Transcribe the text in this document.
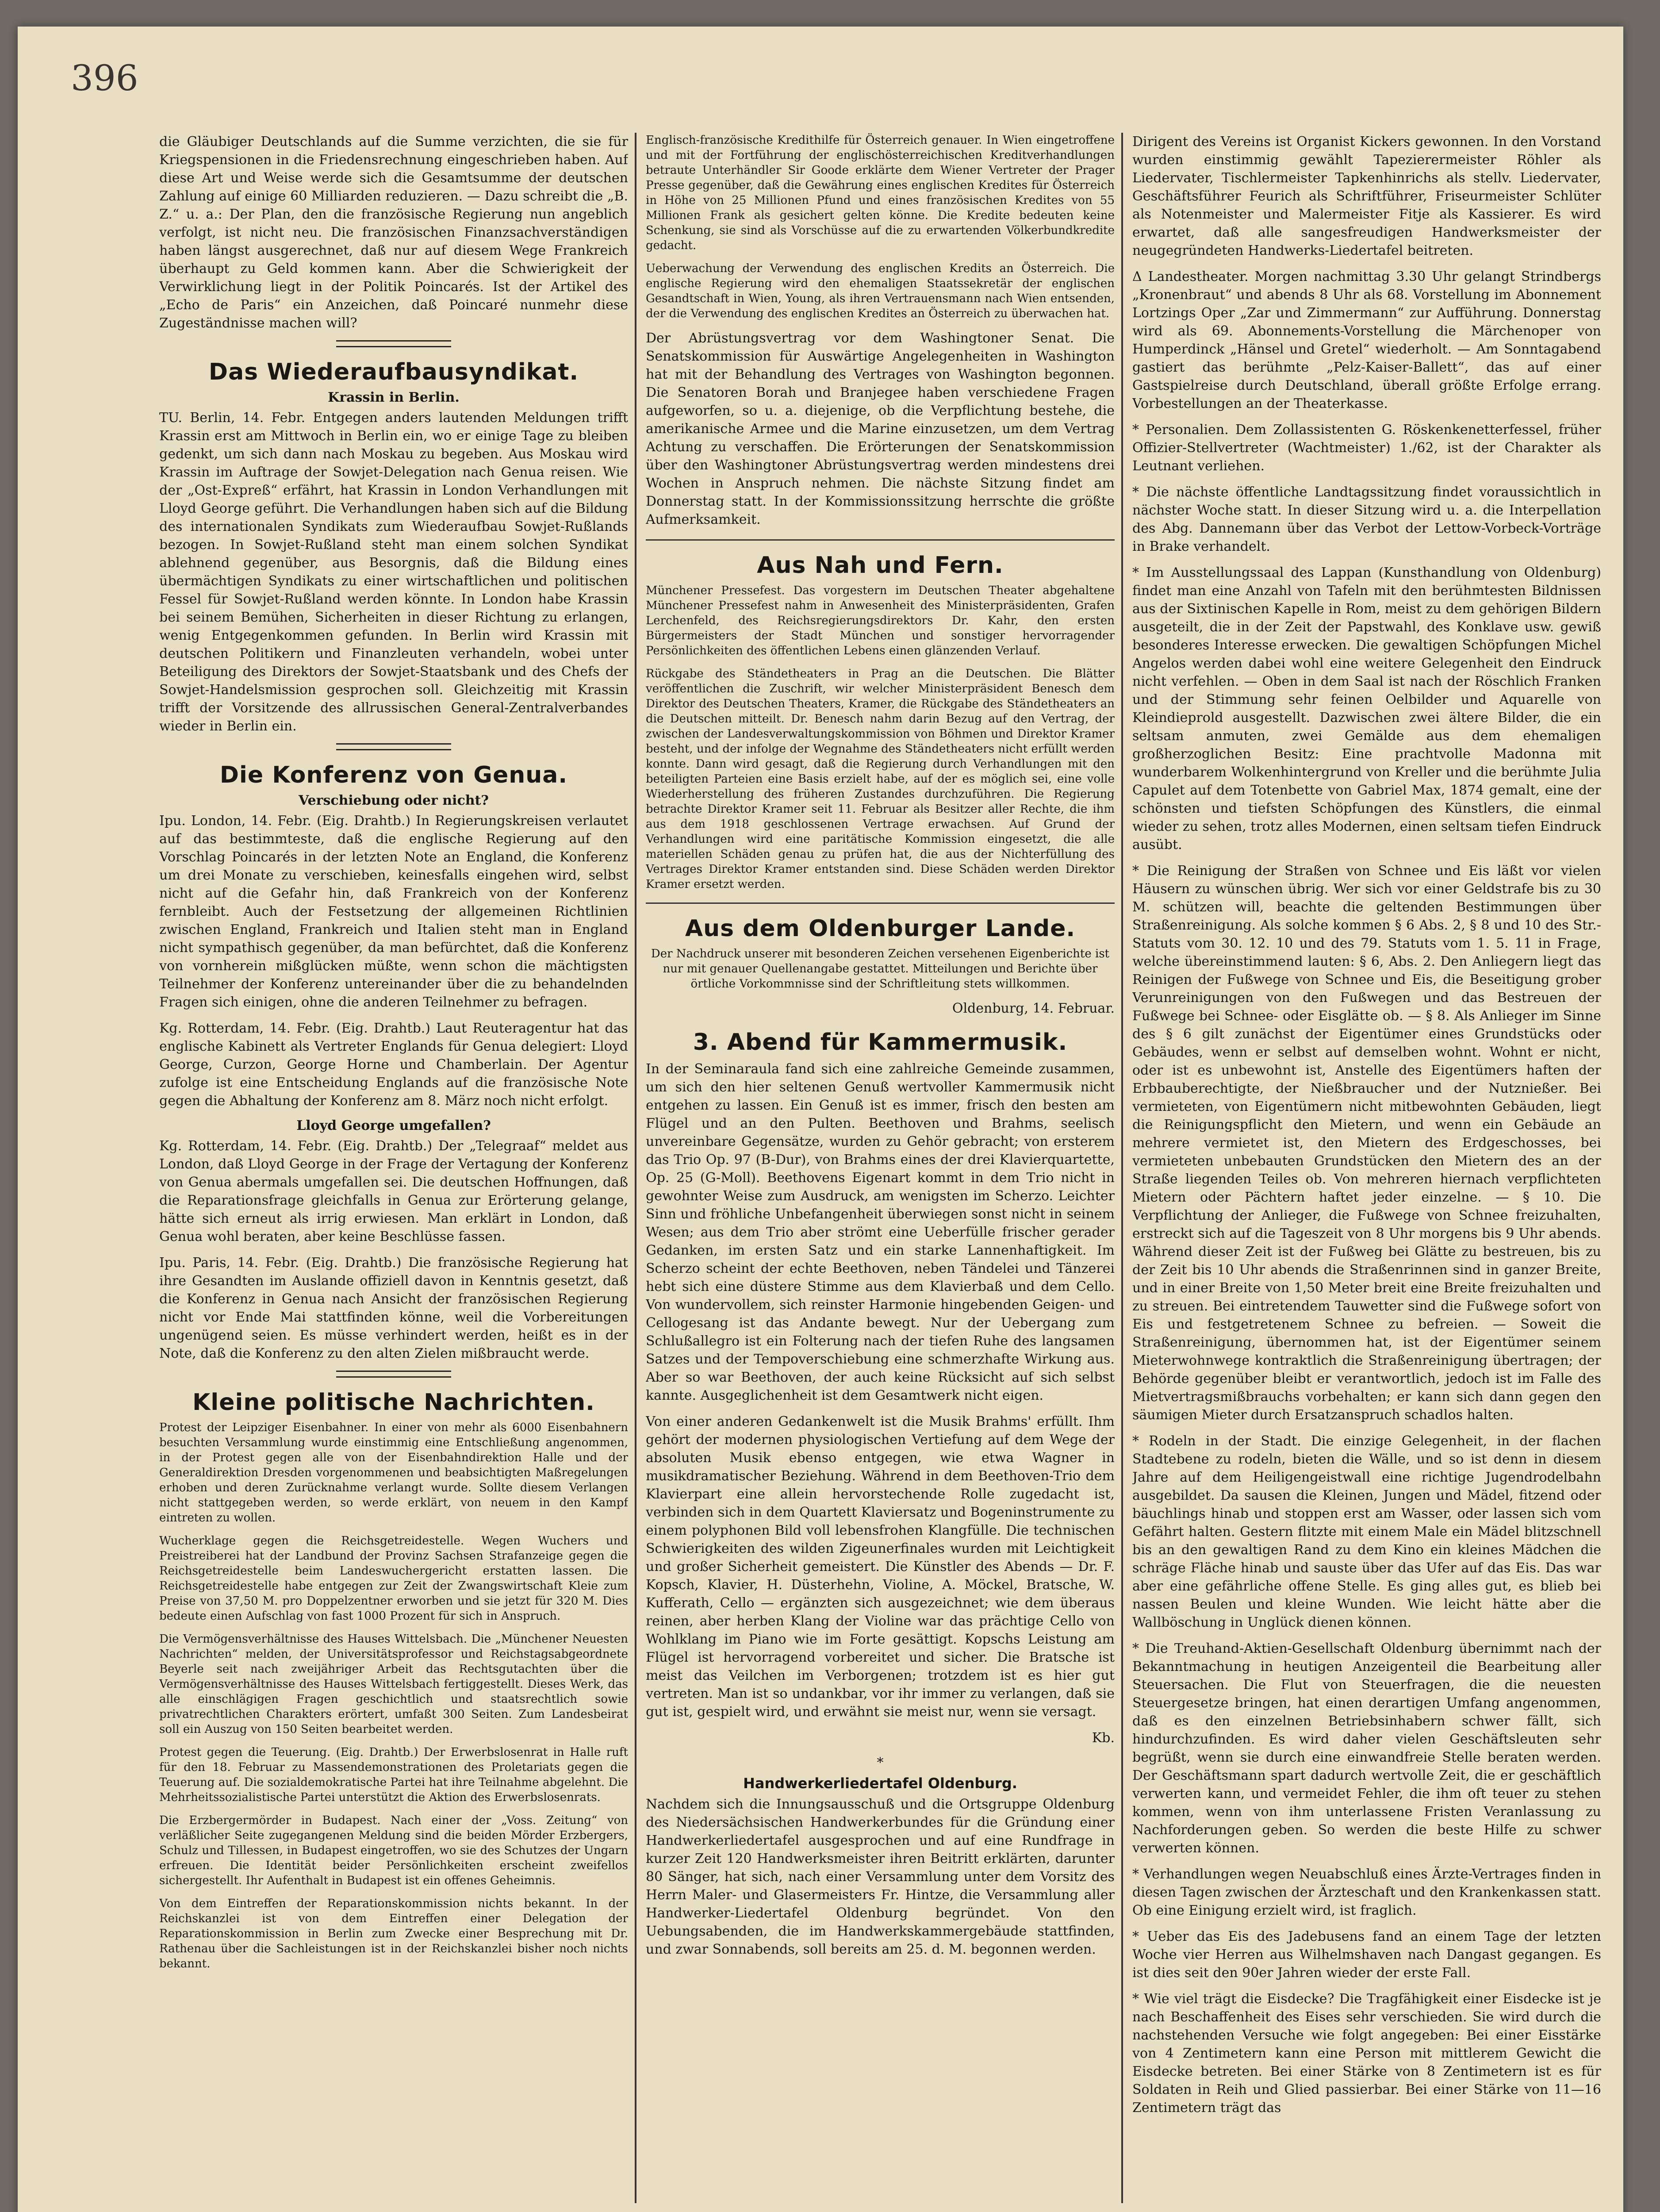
396

die Gläubiger Deutschlands auf die Summe verzichten, die sie für Kriegspensionen in die Friedensrechnung eingeschrieben haben. Auf diese Art und Weise werde sich die Gesamtsumme der deutschen Zahlung auf einige 60 Milliarden reduzieren. — Dazu schreibt die „B. Z.“ u. a.: Der Plan, den die französische Regierung nun angeblich verfolgt, ist nicht neu. Die französischen Finanzsachverständigen haben längst ausgerechnet, daß nur auf diesem Wege Frankreich überhaupt zu Geld kommen kann. Aber die Schwierigkeit der Verwirklichung liegt in der Politik Poincarés. Ist der Artikel des „Echo de Paris“ ein Anzeichen, daß Poincaré nunmehr diese Zugeständnisse machen will?

Das Wiederaufbausyndikat.
Krassin in Berlin.

TU. Berlin, 14. Febr. Entgegen anders lautenden Meldungen trifft Krassin erst am Mittwoch in Berlin ein, wo er einige Tage zu bleiben gedenkt, um sich dann nach Moskau zu begeben. Aus Moskau wird Krassin im Auftrage der Sowjet-Delegation nach Genua reisen. Wie der „Ost-Expreß“ erfährt, hat Krassin in London Verhandlungen mit Lloyd George geführt. Die Verhandlungen haben sich auf die Bildung des internationalen Syndikats zum Wiederaufbau Sowjet-Rußlands bezogen. In Sowjet-Rußland steht man einem solchen Syndikat ablehnend gegenüber, aus Besorgnis, daß die Bildung eines übermächtigen Syndikats zu einer wirtschaftlichen und politischen Fessel für Sowjet-Rußland werden könnte. In London habe Krassin bei seinem Bemühen, Sicherheiten in dieser Richtung zu erlangen, wenig Entgegenkommen gefunden. In Berlin wird Krassin mit deutschen Politikern und Finanzleuten verhandeln, wobei unter Beteiligung des Direktors der Sowjet-Staatsbank und des Chefs der Sowjet-Handelsmission gesprochen soll. Gleichzeitig mit Krassin trifft der Vorsitzende des allrussischen General-Zentralverbandes wieder in Berlin ein.

Die Konferenz von Genua.
Verschiebung oder nicht?

Ipu. London, 14. Febr. (Eig. Drahtb.) In Regierungskreisen verlautet auf das bestimmteste, daß die englische Regierung auf den Vorschlag Poincarés in der letzten Note an England, die Konferenz um drei Monate zu verschieben, keinesfalls eingehen wird, selbst nicht auf die Gefahr hin, daß Frankreich von der Konferenz fernbleibt. Auch der Festsetzung der allgemeinen Richtlinien zwischen England, Frankreich und Italien steht man in England nicht sympathisch gegenüber, da man befürchtet, daß die Konferenz von vornherein mißglücken müßte, wenn schon die mächtigsten Teilnehmer der Konferenz untereinander über die zu behandelnden Fragen sich einigen, ohne die anderen Teilnehmer zu befragen.

Kg. Rotterdam, 14. Febr. (Eig. Drahtb.) Laut Reuteragentur hat das englische Kabinett als Vertreter Englands für Genua delegiert: Lloyd George, Curzon, George Horne und Chamberlain. Der Agentur zufolge ist eine Entscheidung Englands auf die französische Note gegen die Abhaltung der Konferenz am 8. März noch nicht erfolgt.

Lloyd George umgefallen?

Kg. Rotterdam, 14. Febr. (Eig. Drahtb.) Der „Telegraaf“ meldet aus London, daß Lloyd George in der Frage der Vertagung der Konferenz von Genua abermals umgefallen sei. Die deutschen Hoffnungen, daß die Reparationsfrage gleichfalls in Genua zur Erörterung gelange, hätte sich erneut als irrig erwiesen. Man erklärt in London, daß Genua wohl beraten, aber keine Beschlüsse fassen.

Ipu. Paris, 14. Febr. (Eig. Drahtb.) Die französische Regierung hat ihre Gesandten im Auslande offiziell davon in Kenntnis gesetzt, daß die Konferenz in Genua nach Ansicht der französischen Regierung nicht vor Ende Mai stattfinden könne, weil die Vorbereitungen ungenügend seien. Es müsse verhindert werden, heißt es in der Note, daß die Konferenz zu den alten Zielen mißbraucht werde.

Kleine politische Nachrichten.

Protest der Leipziger Eisenbahner. In einer von mehr als 6000 Eisenbahnern besuchten Versammlung wurde einstimmig eine Entschließung angenommen, in der Protest gegen alle von der Eisenbahndirektion Halle und der Generaldirektion Dresden vorgenommenen und beabsichtigten Maßregelungen erhoben und deren Zurücknahme verlangt wurde. Sollte diesem Verlangen nicht stattgegeben werden, so werde erklärt, von neuem in den Kampf eintreten zu wollen.

Wucherklage gegen die Reichsgetreidestelle. Wegen Wuchers und Preistreiberei hat der Landbund der Provinz Sachsen Strafanzeige gegen die Reichsgetreidestelle beim Landeswuchergericht erstatten lassen. Die Reichsgetreidestelle habe entgegen zur Zeit der Zwangswirtschaft Kleie zum Preise von 37,50 M. pro Doppelzentner erworben und sie jetzt für 320 M. Dies bedeute einen Aufschlag von fast 1000 Prozent für sich in Anspruch.

Die Vermögensverhältnisse des Hauses Wittelsbach. Die „Münchener Neuesten Nachrichten“ melden, der Universitätsprofessor und Reichstagsabgeordnete Beyerle seit nach zweijähriger Arbeit das Rechtsgutachten über die Vermögensverhältnisse des Hauses Wittelsbach fertiggestellt. Dieses Werk, das alle einschlägigen Fragen geschichtlich und staatsrechtlich sowie privatrechtlichen Charakters erörtert, umfaßt 300 Seiten. Zum Landesbeirat soll ein Auszug von 150 Seiten bearbeitet werden.

Protest gegen die Teuerung. (Eig. Drahtb.) Der Erwerbslosenrat in Halle ruft für den 18. Februar zu Massendemonstrationen des Proletariats gegen die Teuerung auf. Die sozialdemokratische Partei hat ihre Teilnahme abgelehnt. Die Mehrheitssozialistische Partei unterstützt die Aktion des Erwerbslosenrats.

Die Erzbergermörder in Budapest. Nach einer der „Voss. Zeitung“ von verläßlicher Seite zugegangenen Meldung sind die beiden Mörder Erzbergers, Schulz und Tillessen, in Budapest eingetroffen, wo sie des Schutzes der Ungarn erfreuen. Die Identität beider Persönlichkeiten erscheint zweifellos sichergestellt. Ihr Aufenthalt in Budapest ist ein offenes Geheimnis.

Von dem Eintreffen der Reparationskommission nichts bekannt. In der Reichskanzlei ist von dem Eintreffen einer Delegation der Reparationskommission in Berlin zum Zwecke einer Besprechung mit Dr. Rathenau über die Sachleistungen ist in der Reichskanzlei bisher noch nichts bekannt.

Englisch-französische Kredithilfe für Österreich genauer. In Wien eingetroffene und mit der Fortführung der englischösterreichischen Kreditverhandlungen betraute Unterhändler Sir Goode erklärte dem Wiener Vertreter der Prager Presse gegenüber, daß die Gewährung eines englischen Kredites für Österreich in Höhe von 25 Millionen Pfund und eines französischen Kredites von 55 Millionen Frank als gesichert gelten könne. Die Kredite bedeuten keine Schenkung, sie sind als Vorschüsse auf die zu erwartenden Völkerbundkredite gedacht.

Ueberwachung der Verwendung des englischen Kredits an Österreich. Die englische Regierung wird den ehemaligen Staatssekretär der englischen Gesandtschaft in Wien, Young, als ihren Vertrauensmann nach Wien entsenden, der die Verwendung des englischen Kredites an Österreich zu überwachen hat.

Der Abrüstungsvertrag vor dem Washingtoner Senat. Die Senatskommission für Auswärtige Angelegenheiten in Washington hat mit der Behandlung des Vertrages von Washington begonnen. Die Senatoren Borah und Branjegee haben verschiedene Fragen aufgeworfen, so u. a. diejenige, ob die Verpflichtung bestehe, die amerikanische Armee und die Marine einzusetzen, um dem Vertrag Achtung zu verschaffen. Die Erörterungen der Senatskommission über den Washingtoner Abrüstungsvertrag werden mindestens drei Wochen in Anspruch nehmen. Die nächste Sitzung findet am Donnerstag statt. In der Kommissionssitzung herrschte die größte Aufmerksamkeit.

Aus Nah und Fern.

Münchener Pressefest. Das vorgestern im Deutschen Theater abgehaltene Münchener Pressefest nahm in Anwesenheit des Ministerpräsidenten, Grafen Lerchenfeld, des Reichsregierungsdirektors Dr. Kahr, den ersten Bürgermeisters der Stadt München und sonstiger hervorragender Persönlichkeiten des öffentlichen Lebens einen glänzenden Verlauf.

Rückgabe des Ständetheaters in Prag an die Deutschen. Die Blätter veröffentlichen die Zuschrift, wir welcher Ministerpräsident Benesch dem Direktor des Deutschen Theaters, Kramer, die Rückgabe des Ständetheaters an die Deutschen mitteilt. Dr. Benesch nahm darin Bezug auf den Vertrag, der zwischen der Landesverwaltungskommission von Böhmen und Direktor Kramer besteht, und der infolge der Wegnahme des Ständetheaters nicht erfüllt werden konnte. Dann wird gesagt, daß die Regierung durch Verhandlungen mit den beteiligten Parteien eine Basis erzielt habe, auf der es möglich sei, eine volle Wiederherstellung des früheren Zustandes durchzuführen. Die Regierung betrachte Direktor Kramer seit 11. Februar als Besitzer aller Rechte, die ihm aus dem 1918 geschlossenen Vertrage erwachsen. Auf Grund der Verhandlungen wird eine paritätische Kommission eingesetzt, die alle materiellen Schäden genau zu prüfen hat, die aus der Nichterfüllung des Vertrages Direktor Kramer entstanden sind. Diese Schäden werden Direktor Kramer ersetzt werden.

Aus dem Oldenburger Lande.

Der Nachdruck unserer mit besonderen Zeichen versehenen Eigenberichte ist nur mit genauer Quellenangabe gestattet. Mitteilungen und Berichte über örtliche Vorkommnisse sind der Schriftleitung stets willkommen.

Oldenburg, 14. Februar.

3. Abend für Kammermusik.

In der Seminaraula fand sich eine zahlreiche Gemeinde zusammen, um sich den hier seltenen Genuß wertvoller Kammermusik nicht entgehen zu lassen. Ein Genuß ist es immer, frisch den besten am Flügel und an den Pulten. Beethoven und Brahms, seelisch unvereinbare Gegensätze, wurden zu Gehör gebracht; von ersterem das Trio Op. 97 (B-Dur), von Brahms eines der drei Klavierquartette, Op. 25 (G-Moll). Beethovens Eigenart kommt in dem Trio nicht in gewohnter Weise zum Ausdruck, am wenigsten im Scherzo. Leichter Sinn und fröhliche Unbefangenheit überwiegen sonst nicht in seinem Wesen; aus dem Trio aber strömt eine Ueberfülle frischer gerader Gedanken, im ersten Satz und ein starke Lannenhaftigkeit. Im Scherzo scheint der echte Beethoven, neben Tändelei und Tänzerei hebt sich eine düstere Stimme aus dem Klavierbaß und dem Cello. Von wundervollem, sich reinster Harmonie hingebenden Geigen- und Cellogesang ist das Andante bewegt. Nur der Uebergang zum Schlußallegro ist ein Folterung nach der tiefen Ruhe des langsamen Satzes und der Tempoverschiebung eine schmerzhafte Wirkung aus. Aber so war Beethoven, der auch keine Rücksicht auf sich selbst kannte. Ausgeglichenheit ist dem Gesamtwerk nicht eigen.

Von einer anderen Gedankenwelt ist die Musik Brahms' erfüllt. Ihm gehört der modernen physiologischen Vertiefung auf dem Wege der absoluten Musik ebenso entgegen, wie etwa Wagner in musikdramatischer Beziehung. Während in dem Beethoven-Trio dem Klavierpart eine allein hervorstechende Rolle zugedacht ist, verbinden sich in dem Quartett Klaviersatz und Bogeninstrumente zu einem polyphonen Bild voll lebensfrohen Klangfülle. Die technischen Schwierigkeiten des wilden Zigeunerfinales wurden mit Leichtigkeit und großer Sicherheit gemeistert. Die Künstler des Abends — Dr. F. Kopsch, Klavier, H. Düsterhehn, Violine, A. Möckel, Bratsche, W. Kufferath, Cello — ergänzten sich ausgezeichnet; wie dem überaus reinen, aber herben Klang der Violine war das prächtige Cello von Wohlklang im Piano wie im Forte gesättigt. Kopschs Leistung am Flügel ist hervorragend vorbereitet und sicher. Die Bratsche ist meist das Veilchen im Verborgenen; trotzdem ist es hier gut vertreten. Man ist so undankbar, vor ihr immer zu verlangen, daß sie gut ist, gespielt wird, und erwähnt sie meist nur, wenn sie versagt.

Kb.

*
Handwerkerliedertafel Oldenburg.

Nachdem sich die Innungsausschuß und die Ortsgruppe Oldenburg des Niedersächsischen Handwerkerbundes für die Gründung einer Handwerkerliedertafel ausgesprochen und auf eine Rundfrage in kurzer Zeit 120 Handwerksmeister ihren Beitritt erklärten, darunter 80 Sänger, hat sich, nach einer Versammlung unter dem Vorsitz des Herrn Maler- und Glasermeisters Fr. Hintze, die Versammlung aller Handwerker-Liedertafel Oldenburg begründet. Von den Uebungsabenden, die im Handwerkskammergebäude stattfinden, und zwar Sonnabends, soll bereits am 25. d. M. begonnen werden.

Dirigent des Vereins ist Organist Kickers gewonnen. In den Vorstand wurden einstimmig gewählt Tapezierermeister Röhler als Liedervater, Tischlermeister Tapkenhinrichs als stellv. Liedervater, Geschäftsführer Feurich als Schriftführer, Friseurmeister Schlüter als Notenmeister und Malermeister Fitje als Kassierer. Es wird erwartet, daß alle sangesfreudigen Handwerksmeister der neugegründeten Handwerks-Liedertafel beitreten.

Δ Landestheater. Morgen nachmittag 3.30 Uhr gelangt Strindbergs „Kronenbraut“ und abends 8 Uhr als 68. Vorstellung im Abonnement Lortzings Oper „Zar und Zimmermann“ zur Aufführung. Donnerstag wird als 69. Abonnements-Vorstellung die Märchenoper von Humperdinck „Hänsel und Gretel“ wiederholt. — Am Sonntagabend gastiert das berühmte „Pelz-Kaiser-Ballett“, das auf einer Gastspielreise durch Deutschland, überall größte Erfolge errang. Vorbestellungen an der Theaterkasse.

* Personalien. Dem Zollassistenten G. Röskenkenetterfessel, früher Offizier-Stellvertreter (Wachtmeister) 1./62, ist der Charakter als Leutnant verliehen.

* Die nächste öffentliche Landtagssitzung findet voraussichtlich in nächster Woche statt. In dieser Sitzung wird u. a. die Interpellation des Abg. Dannemann über das Verbot der Lettow-Vorbeck-Vorträge in Brake verhandelt.

* Im Ausstellungssaal des Lappan (Kunsthandlung von Oldenburg) findet man eine Anzahl von Tafeln mit den berühmtesten Bildnissen aus der Sixtinischen Kapelle in Rom, meist zu dem gehörigen Bildern ausgeteilt, die in der Zeit der Papstwahl, des Konklave usw. gewiß besonderes Interesse erwecken. Die gewaltigen Schöpfungen Michel Angelos werden dabei wohl eine weitere Gelegenheit den Eindruck nicht verfehlen. — Oben in dem Saal ist nach der Röschlich Franken und der Stimmung sehr feinen Oelbilder und Aquarelle von Kleindieprold ausgestellt. Dazwischen zwei ältere Bilder, die ein seltsam anmuten, zwei Gemälde aus dem ehemaligen großherzoglichen Besitz: Eine prachtvolle Madonna mit wunderbarem Wolkenhintergrund von Kreller und die berühmte Julia Capulet auf dem Totenbette von Gabriel Max, 1874 gemalt, eine der schönsten und tiefsten Schöpfungen des Künstlers, die einmal wieder zu sehen, trotz alles Modernen, einen seltsam tiefen Eindruck ausübt.

* Die Reinigung der Straßen von Schnee und Eis läßt vor vielen Häusern zu wünschen übrig. Wer sich vor einer Geldstrafe bis zu 30 M. schützen will, beachte die geltenden Bestimmungen über Straßenreinigung. Als solche kommen § 6 Abs. 2, § 8 und 10 des Str.-Statuts vom 30. 12. 10 und des 79. Statuts vom 1. 5. 11 in Frage, welche übereinstimmend lauten: § 6, Abs. 2. Den Anliegern liegt das Reinigen der Fußwege von Schnee und Eis, die Beseitigung grober Verunreinigungen von den Fußwegen und das Bestreuen der Fußwege bei Schnee- oder Eisglätte ob. — § 8. Als Anlieger im Sinne des § 6 gilt zunächst der Eigentümer eines Grundstücks oder Gebäudes, wenn er selbst auf demselben wohnt. Wohnt er nicht, oder ist es unbewohnt ist, Anstelle des Eigentümers haften der Erbbauberechtigte, der Nießbraucher und der Nutznießer. Bei vermieteten, von Eigentümern nicht mitbewohnten Gebäuden, liegt die Reinigungspflicht den Mietern, und wenn ein Gebäude an mehrere vermietet ist, den Mietern des Erdgeschosses, bei vermieteten unbebauten Grundstücken den Mietern des an der Straße liegenden Teiles ob. Von mehreren hiernach verpflichteten Mietern oder Pächtern haftet jeder einzelne. — § 10. Die Verpflichtung der Anlieger, die Fußwege von Schnee freizuhalten, erstreckt sich auf die Tageszeit von 8 Uhr morgens bis 9 Uhr abends. Während dieser Zeit ist der Fußweg bei Glätte zu bestreuen, bis zu der Zeit bis 10 Uhr abends die Straßenrinnen sind in ganzer Breite, und in einer Breite von 1,50 Meter breit eine Breite freizuhalten und zu streuen. Bei eintretendem Tauwetter sind die Fußwege sofort von Eis und festgetretenem Schnee zu befreien. — Soweit die Straßenreinigung, übernommen hat, ist der Eigentümer seinem Mieterwohnwege kontraktlich die Straßenreinigung übertragen; der Behörde gegenüber bleibt er verantwortlich, jedoch ist im Falle des Mietvertragsmißbrauchs vorbehalten; er kann sich dann gegen den säumigen Mieter durch Ersatzanspruch schadlos halten.

* Rodeln in der Stadt. Die einzige Gelegenheit, in der flachen Stadtebene zu rodeln, bieten die Wälle, und so ist denn in diesem Jahre auf dem Heiligengeistwall eine richtige Jugendrodelbahn ausgebildet. Da sausen die Kleinen, Jungen und Mädel, fitzend oder bäuchlings hinab und stoppen erst am Wasser, oder lassen sich vom Gefährt halten. Gestern flitzte mit einem Male ein Mädel blitzschnell bis an den gewaltigen Rand zu dem Kino ein kleines Mädchen die schräge Fläche hinab und sauste über das Ufer auf das Eis. Das war aber eine gefährliche offene Stelle. Es ging alles gut, es blieb bei nassen Beulen und kleine Wunden. Wie leicht hätte aber die Wallböschung in Unglück dienen können.

* Die Treuhand-Aktien-Gesellschaft Oldenburg übernimmt nach der Bekanntmachung in heutigen Anzeigenteil die Bearbeitung aller Steuersachen. Die Flut von Steuerfragen, die die neuesten Steuergesetze bringen, hat einen derartigen Umfang angenommen, daß es den einzelnen Betriebsinhabern schwer fällt, sich hindurchzufinden. Es wird daher vielen Geschäftsleuten sehr begrüßt, wenn sie durch eine einwandfreie Stelle beraten werden. Der Geschäftsmann spart dadurch wertvolle Zeit, die er geschäftlich verwerten kann, und vermeidet Fehler, die ihm oft teuer zu stehen kommen, wenn von ihm unterlassene Fristen Veranlassung zu Nachforderungen geben. So werden die beste Hilfe zu schwer verwerten können.

* Verhandlungen wegen Neuabschluß eines Ärzte-Vertrages finden in diesen Tagen zwischen der Ärzteschaft und den Krankenkassen statt. Ob eine Einigung erzielt wird, ist fraglich.

* Ueber das Eis des Jadebusens fand an einem Tage der letzten Woche vier Herren aus Wilhelmshaven nach Dangast gegangen. Es ist dies seit den 90er Jahren wieder der erste Fall.

* Wie viel trägt die Eisdecke? Die Tragfähigkeit einer Eisdecke ist je nach Beschaffenheit des Eises sehr verschieden. Sie wird durch die nachstehenden Versuche wie folgt angegeben: Bei einer Eisstärke von 4 Zentimetern kann eine Person mit mittlerem Gewicht die Eisdecke betreten. Bei einer Stärke von 8 Zentimetern ist es für Soldaten in Reih und Glied passierbar. Bei einer Stärke von 11—16 Zentimetern trägt das
